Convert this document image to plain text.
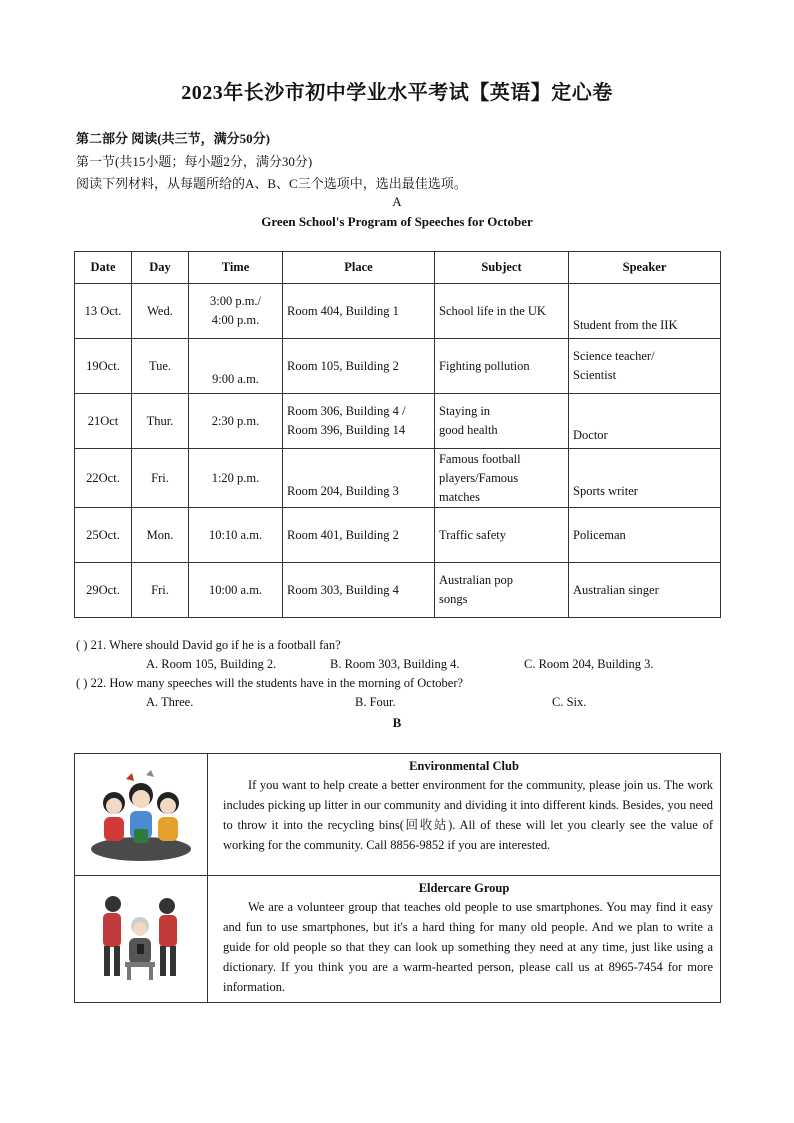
2023年长沙市初中学业水平考试【英语】定心卷
第二部分 阅读(共三节，满分50分)
第一节(共15小题；每小题2分，满分30分)
阅读下列材料，从每题所给的A、B、C三个选项中，选出最佳选项。
A
Green School's Program of Speeches for October
Date	Day	Time	Place	Subject	Speaker
13 Oct.	Wed.	3:00 p.m./
4:00 p.m.	Room 404, Building 1	School life in the UK	Student from the IIK
19Oct.	Tue.	9:00 a.m.	Room 105, Building 2	Fighting pollution	Science teacher/
Scientist
21Oct	Thur.	2:30 p.m.	Room 306, Building 4 /
Room 396, Building 14	Staying in
good health	Doctor
22Oct.	Fri.	1:20 p.m.	Room 204, Building 3	Famous football
players/Famous
matches	Sports writer
25Oct.	Mon.	10:10 a.m.	Room 401, Building 2	Traffic safety	Policeman
29Oct.	Fri.	10:00 a.m.	Room 303, Building 4	Australian pop
songs	Australian singer
( ) 21. Where should David go if he is a football fan?
A. Room 105, Building 2.	B. Room 303, Building 4.	C. Room 204, Building 3.
( ) 22. How many speeches will the students have in the morning of October?
A. Three.	B. Four.	C. Six.
B

Environmental Club
If you want to help create a better environment for the community, please join us. The work includes picking up litter in our community and dividing it into different kinds. Besides, you need to throw it into the recycling bins(回收站). All of these will let you clearly see the value of working for the community. Call 8856-9852 if you are interested.

Eldercare Group
We are a volunteer group that teaches old people to use smartphones. You may find it easy and fun to use smartphones, but it's a hard thing for many old people. And we plan to write a guide for old people so that they can look up something they need at any time, just like using a dictionary. If you think you are a warm-hearted person, please call us at 8965-7454 for more information.
